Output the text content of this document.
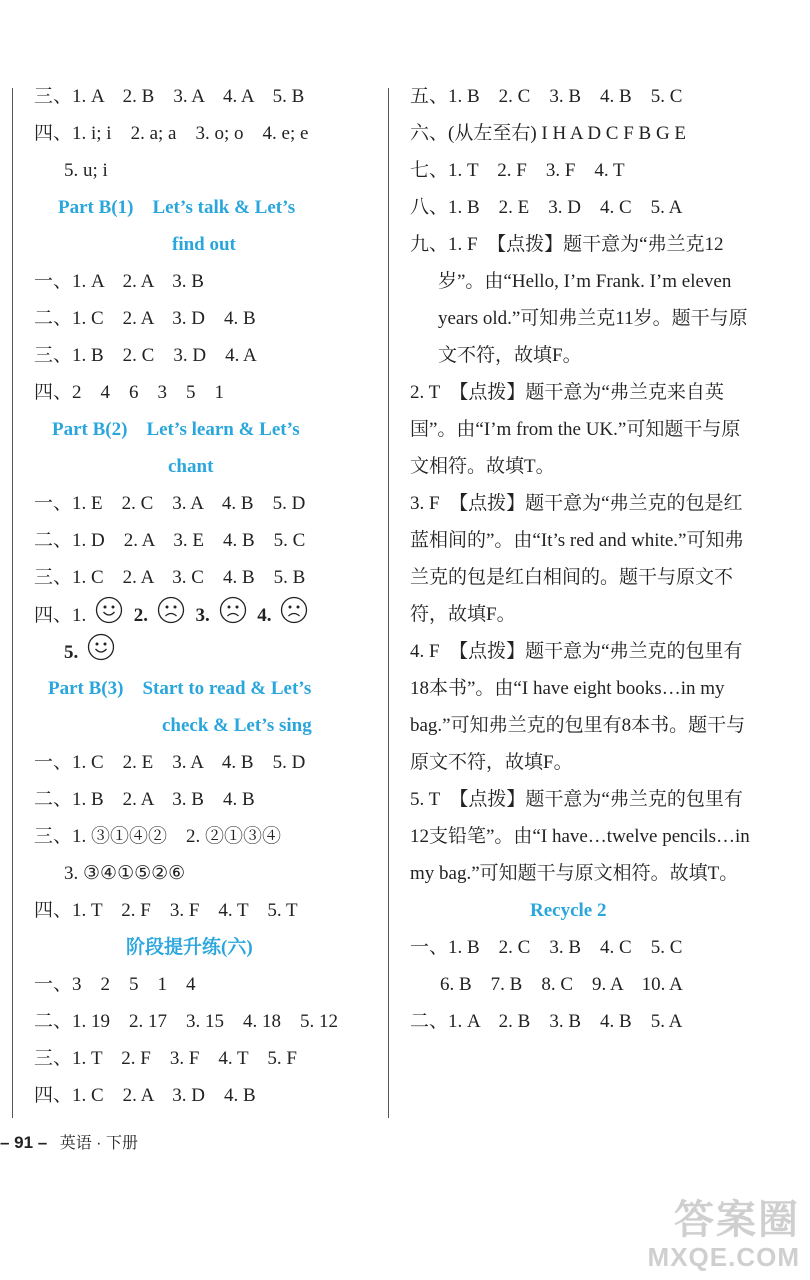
三、1. A　2. B　3. A　4. A　5. B
四、1. i; i　2. a; a　3. o; o　4. e; e
5. u; i
Part B(1)    Let’s talk & Let’s
find out
一、1. A　2. A　3. B
二、1. C　2. A　3. D　4. B
三、1. B　2. C　3. D　4. A
四、2　4　6　3　5　1
Part B(2)    Let’s learn & Let’s
chant
一、1. E　2. C　3. A　4. B　5. D
二、1. D　2. A　3. E　4. B　5. C
三、1. C　2. A　3. C　4. B　5. B
四、1.	2.	3.	4.
5.
Part B(3)    Start to read & Let’s
check & Let’s sing
一、1. C　2. E　3. A　4. B　5. D
二、1. B　2. A　3. B　4. B
三、1. ③①④②　2. ②①③④
3. ③④①⑤②⑥
四、1. T　2. F　3. F　4. T　5. T
阶段提升练(六)
一、3　2　5　1　4
二、1. 19　2. 17　3. 15　4. 18　5. 12
三、1. T　2. F　3. F　4. T　5. F
四、1. C　2. A　3. D　4. B
五、1. B　2. C　3. B　4. B　5. C
六、(从左至右) I H A D C F B G E
七、1. T　2. F　3. F　4. T
八、1. B　2. E　3. D　4. C　5. A
九、1. F　【点拨】题干意为“弗兰克12岁”。由“Hello, I’m Frank. I’m eleven years old.”可知弗兰克11岁。题干与原文不符，故填F。
2. T　【点拨】题干意为“弗兰克来自英国”。由“I’m from the UK.”可知题干与原文相符。故填T。
3. F　【点拨】题干意为“弗兰克的包是红蓝相间的”。由“It’s red and white.”可知弗兰克的包是红白相间的。题干与原文不符，故填F。
4. F　【点拨】题干意为“弗兰克的包里有18本书”。由“I have eight books…in my bag.”可知弗兰克的包里有8本书。题干与原文不符，故填F。
5. T　【点拨】题干意为“弗兰克的包里有12支铅笔”。由“I have…twelve pencils…in my bag.”可知题干与原文相符。故填T。
Recycle 2
一、1. B　2. C　3. B　4. C　5. C
6. B　7. B　8. C　9. A　10. A
二、1. A　2. B　3. B　4. B　5. A
– 91 – 英语 · 下册
答案圈
MXQE.COM
